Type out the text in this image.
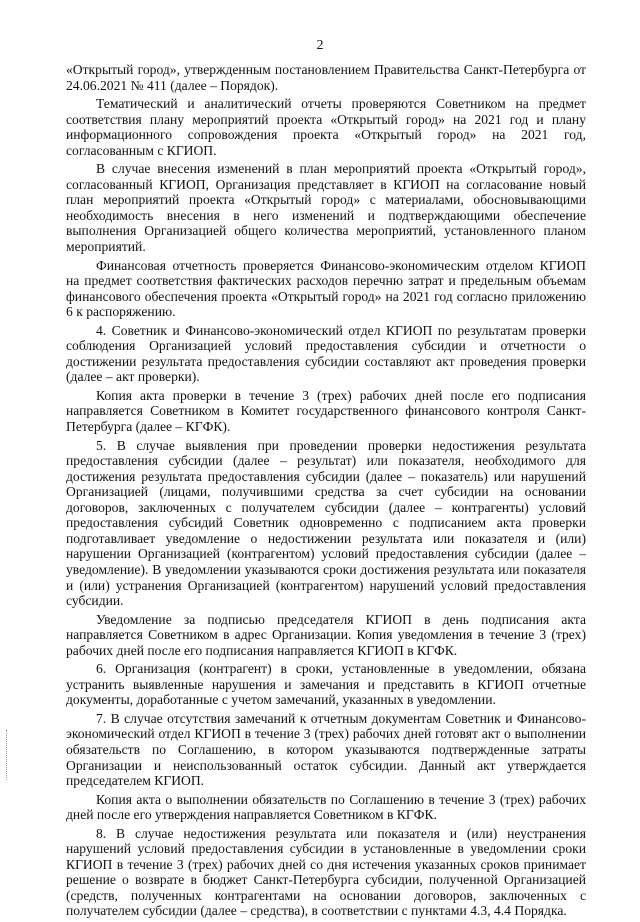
2

«Открытый город», утвержденным постановлением Правительства Санкт-Петербурга от 24.06.2021 № 411 (далее – Порядок).

Тематический и аналитический отчеты проверяются Советником на предмет соответствия плану мероприятий проекта «Открытый город» на 2021 год и плану информационного сопровождения проекта «Открытый город» на 2021 год, согласованным с КГИОП.

В случае внесения изменений в план мероприятий проекта «Открытый город», согласованный КГИОП, Организация представляет в КГИОП на согласование новый план мероприятий проекта «Открытый город» с материалами, обосновывающими необходимость внесения в него изменений и подтверждающими обеспечение выполнения Организацией общего количества мероприятий, установленного планом мероприятий.

Финансовая отчетность проверяется Финансово-экономическим отделом КГИОП на предмет соответствия фактических расходов перечню затрат и предельным объемам финансового обеспечения проекта «Открытый город» на 2021 год согласно приложению 6 к распоряжению.

4. Советник и Финансово-экономический отдел КГИОП по результатам проверки соблюдения Организацией условий предоставления субсидии и отчетности о достижении результата предоставления субсидии составляют акт проведения проверки (далее – акт проверки).

Копия акта проверки в течение 3 (трех) рабочих дней после его подписания направляется Советником в Комитет государственного финансового контроля Санкт-Петербурга (далее – КГФК).

5. В случае выявления при проведении проверки недостижения результата предоставления субсидии (далее – результат) или показателя, необходимого для достижения результата предоставления субсидии (далее – показатель) или нарушений Организацией (лицами, получившими средства за счет субсидии на основании договоров, заключенных с получателем субсидии (далее – контрагенты) условий предоставления субсидий Советник одновременно с подписанием акта проверки подготавливает уведомление о недостижении результата или показателя и (или) нарушении Организацией (контрагентом) условий предоставления субсидии (далее – уведомление). В уведомлении указываются сроки достижения результата или показателя и (или) устранения Организацией (контрагентом) нарушений условий предоставления субсидии.

Уведомление за подписью председателя КГИОП в день подписания акта направляется Советником в адрес Организации. Копия уведомления в течение 3 (трех) рабочих дней после его подписания направляется КГИОП в КГФК.

6. Организация (контрагент) в сроки, установленные в уведомлении, обязана устранить выявленные нарушения и замечания и представить в КГИОП отчетные документы, доработанные с учетом замечаний, указанных в уведомлении.

7. В случае отсутствия замечаний к отчетным документам Советник и Финансово-экономический отдел КГИОП в течение 3 (трех) рабочих дней готовят акт о выполнении обязательств по Соглашению, в котором указываются подтвержденные затраты Организации и неиспользованный остаток субсидии. Данный акт утверждается председателем КГИОП.

Копия акта о выполнении обязательств по Соглашению в течение 3 (трех) рабочих дней после его утверждения направляется Советником в КГФК.

8. В случае недостижения результата или показателя и (или) неустранения нарушений условий предоставления субсидии в установленные в уведомлении сроки КГИОП в течение 3 (трех) рабочих дней со дня истечения указанных сроков принимает решение о возврате в бюджет Санкт-Петербурга субсидии, полученной Организацией (средств, полученных контрагентами на основании договоров, заключенных с получателем субсидии (далее – средства), в соответствии с пунктами 4.3, 4.4 Порядка.
